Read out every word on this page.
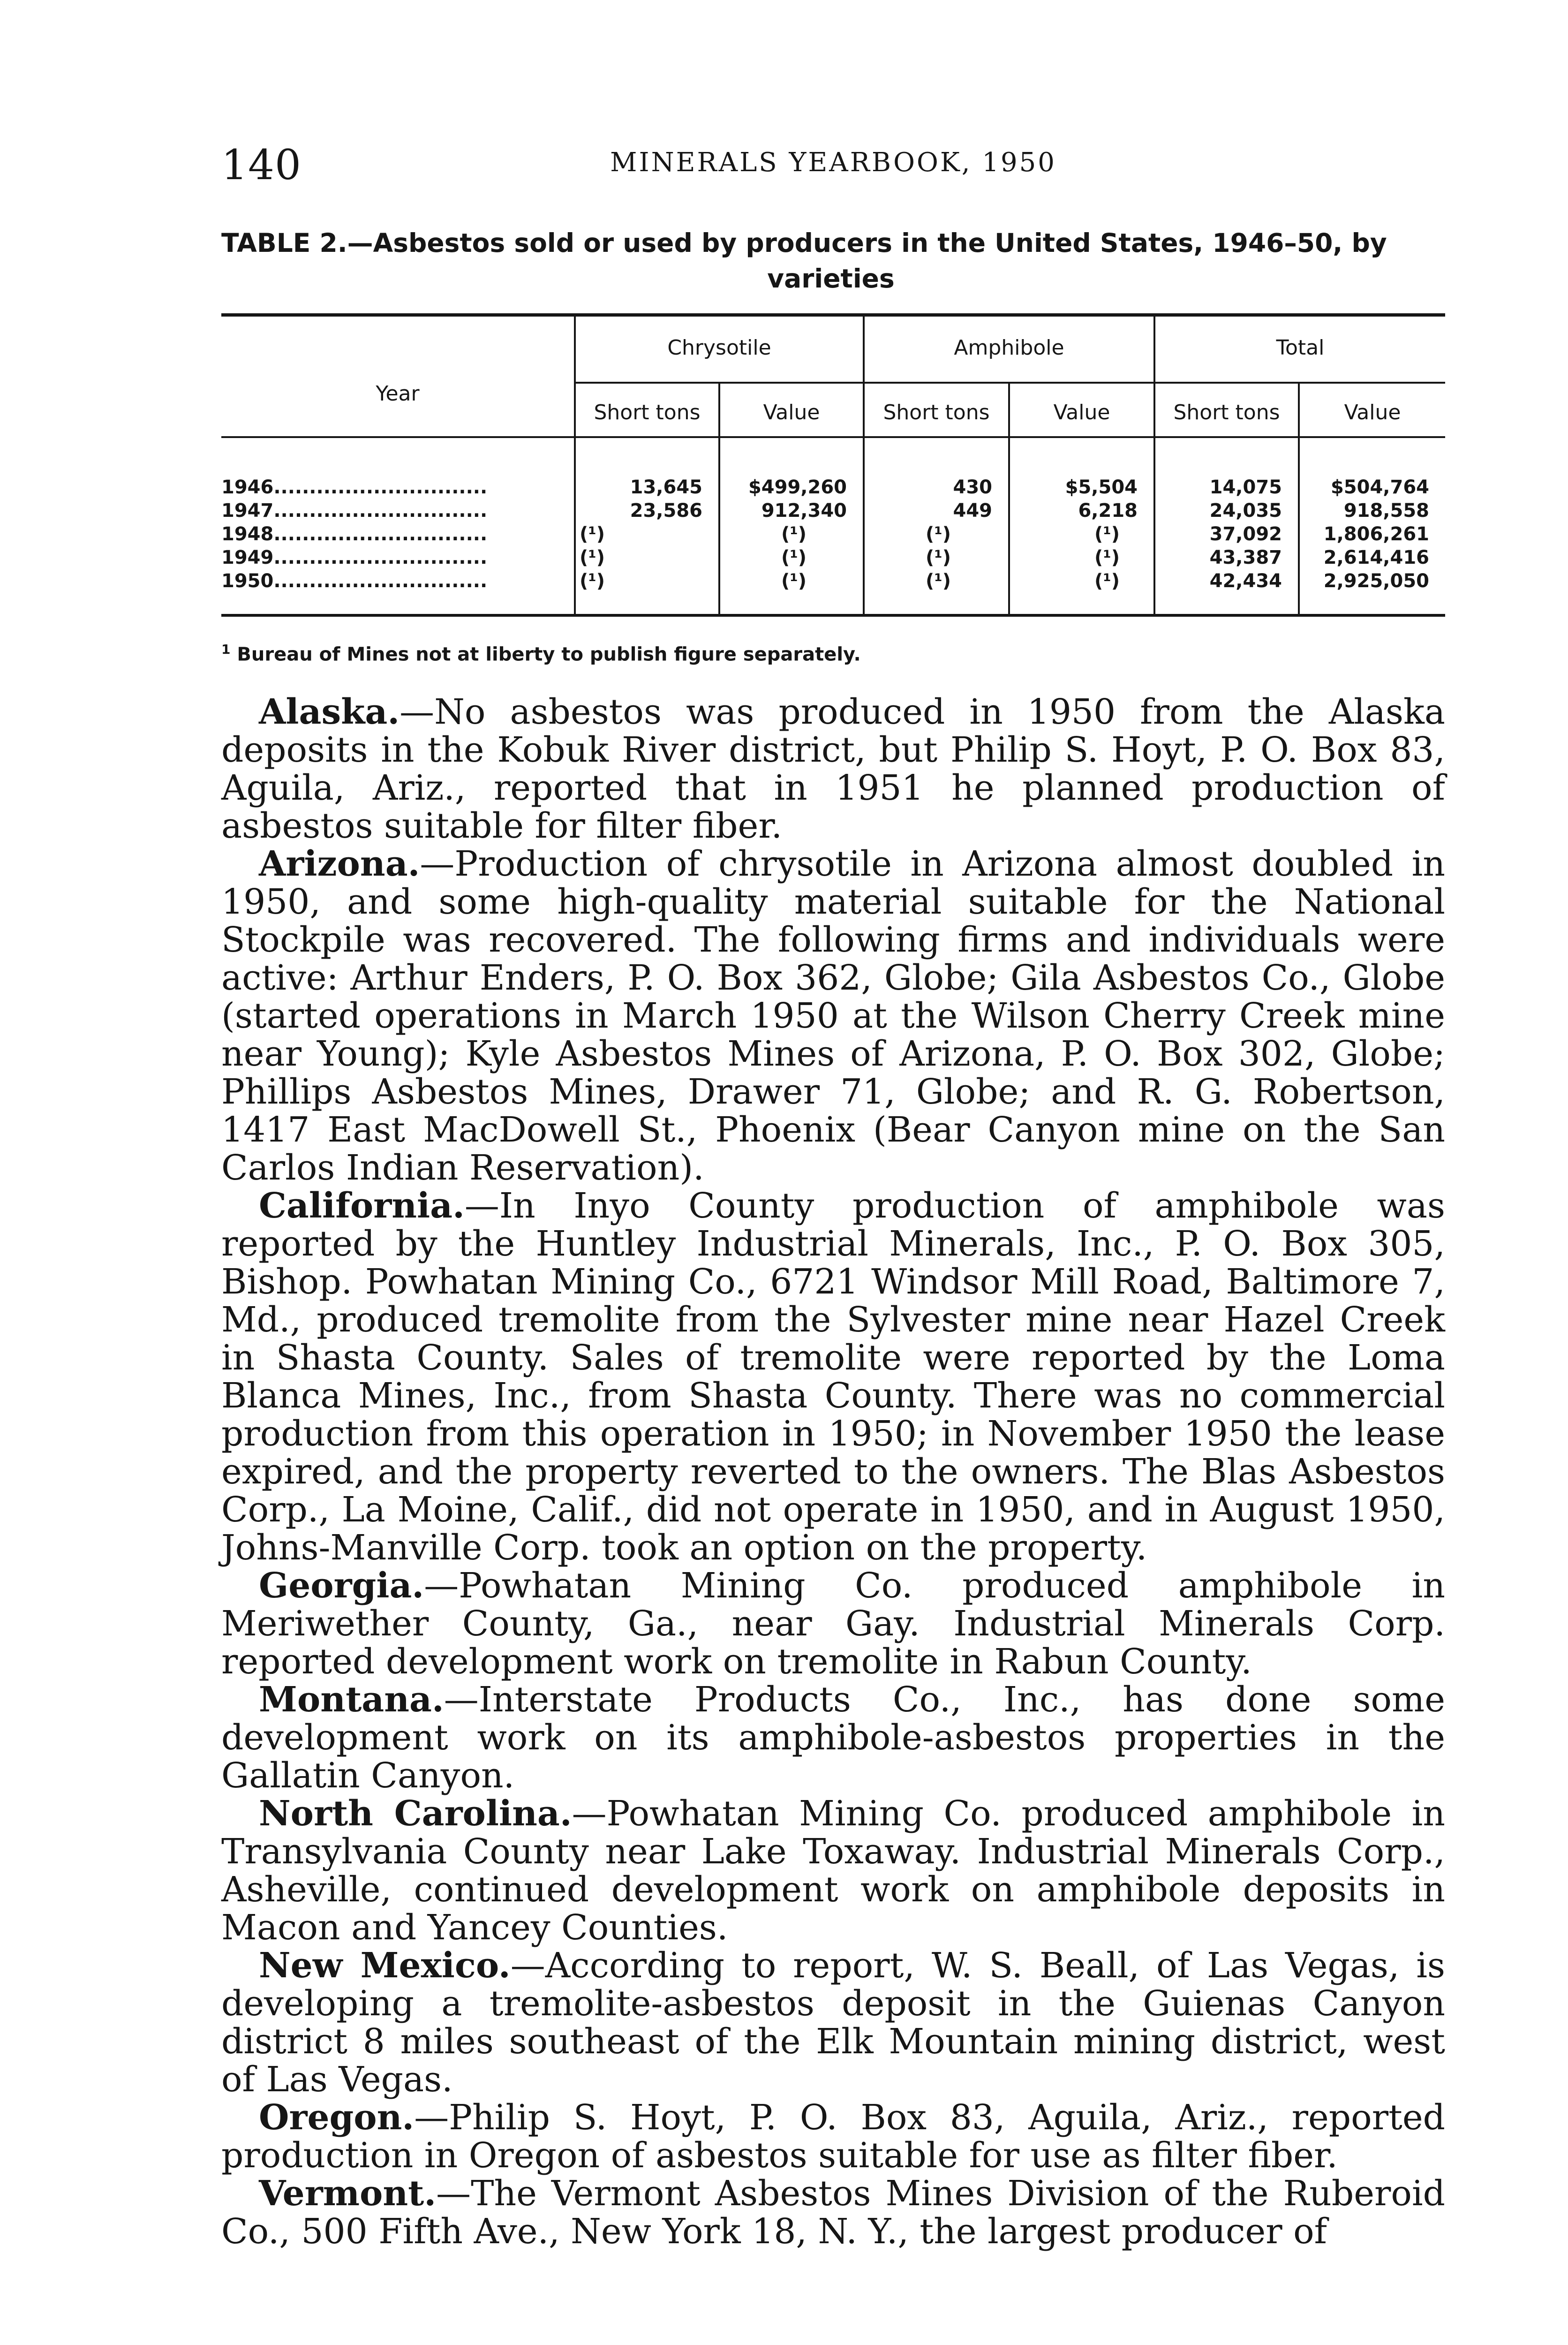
140	MINERALS YEARBOOK, 1950
TABLE 2.—Asbestos sold or used by producers in the United States, 1946–50, by
varieties
Year
Chrysotile	Amphibole	Total
Short tons	Value	Short tons	Value	Short tons	Value
1946..............................	13,645	$499,260	430	$5,504	14,075	$504,764
1947..............................	23,586	912,340	449	6,218	24,035	918,558
1948..............................	(¹)	(¹)	(¹)	(¹)	37,092	1,806,261
1949..............................	(¹)	(¹)	(¹)	(¹)	43,387	2,614,416
1950..............................	(¹)	(¹)	(¹)	(¹)	42,434	2,925,050
$^1$ Bureau of Mines not at liberty to publish figure separately.

Alaska.—No asbestos was produced in 1950 from the Alaska deposits in the Kobuk River district, but Philip S. Hoyt, P. O. Box 83, Aguila, Ariz., reported that in 1951 he planned production of asbestos suitable for filter fiber.

Arizona.—Production of chrysotile in Arizona almost doubled in 1950, and some high-quality material suitable for the National Stockpile was recovered. The following firms and individuals were active: Arthur Enders, P. O. Box 362, Globe; Gila Asbestos Co., Globe (started operations in March 1950 at the Wilson Cherry Creek mine near Young); Kyle Asbestos Mines of Arizona, P. O. Box 302, Globe; Phillips Asbestos Mines, Drawer 71, Globe; and R. G. Robertson, 1417 East MacDowell St., Phoenix (Bear Canyon mine on the San Carlos Indian Reservation).

California.—In Inyo County production of amphibole was reported by the Huntley Industrial Minerals, Inc., P. O. Box 305, Bishop. Powhatan Mining Co., 6721 Windsor Mill Road, Baltimore 7, Md., produced tremolite from the Sylvester mine near Hazel Creek in Shasta County. Sales of tremolite were reported by the Loma Blanca Mines, Inc., from Shasta County. There was no commercial production from this operation in 1950; in November 1950 the lease expired, and the property reverted to the owners. The Blas Asbestos Corp., La Moine, Calif., did not operate in 1950, and in August 1950, Johns-Manville Corp. took an option on the property.

Georgia.—Powhatan Mining Co. produced amphibole in Meriwether County, Ga., near Gay. Industrial Minerals Corp. reported development work on tremolite in Rabun County.

Montana.—Interstate Products Co., Inc., has done some development work on its amphibole-asbestos properties in the Gallatin Canyon.

North Carolina.—Powhatan Mining Co. produced amphibole in Transylvania County near Lake Toxaway. Industrial Minerals Corp., Asheville, continued development work on amphibole deposits in Macon and Yancey Counties.

New Mexico.—According to report, W. S. Beall, of Las Vegas, is developing a tremolite-asbestos deposit in the Guienas Canyon district 8 miles southeast of the Elk Mountain mining district, west of Las Vegas.

Oregon.—Philip S. Hoyt, P. O. Box 83, Aguila, Ariz., reported production in Oregon of asbestos suitable for use as filter fiber.

Vermont.—The Vermont Asbestos Mines Division of the Ruberoid Co., 500 Fifth Ave., New York 18, N. Y., the largest producer of
